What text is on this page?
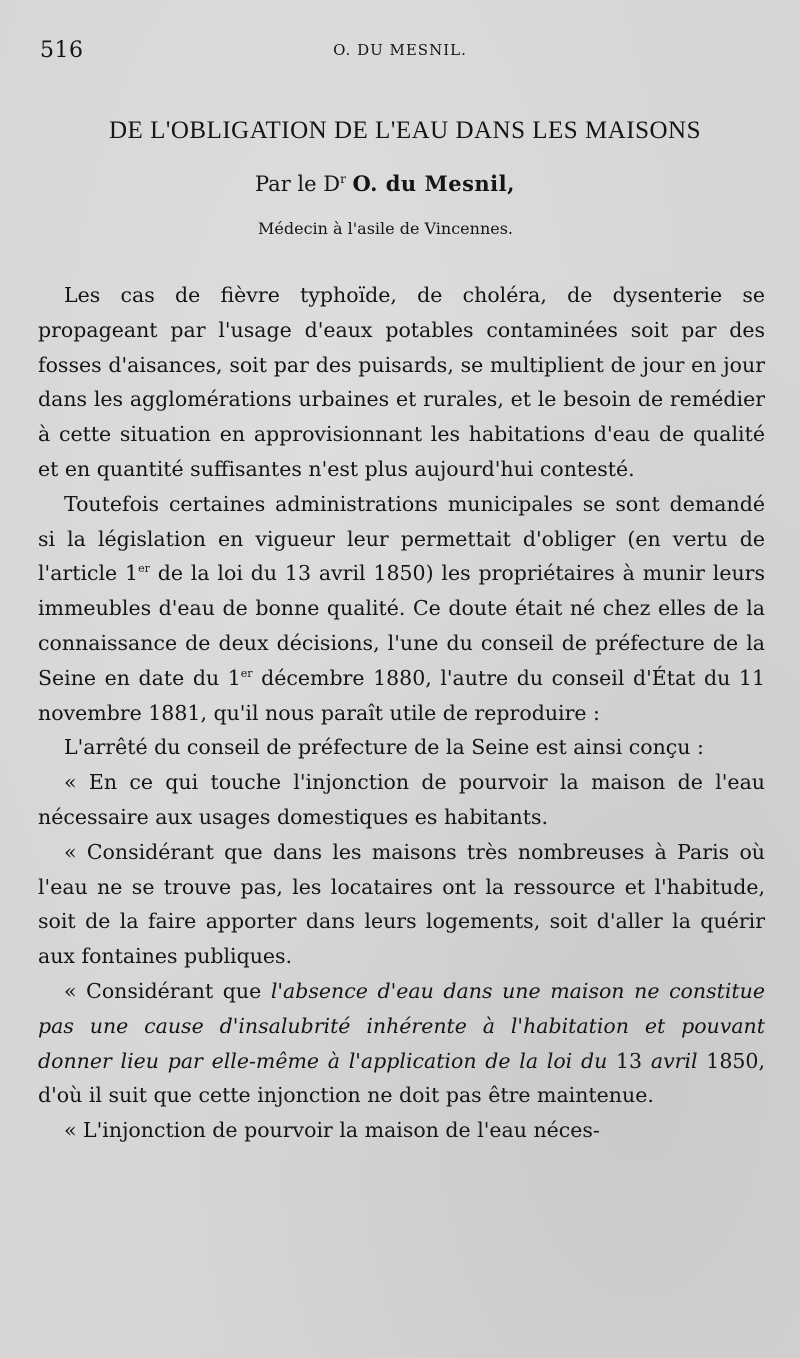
516	O. DU MESNIL.
DE L'OBLIGATION DE L'EAU DANS LES MAISONS
Par le $D^r$ O. du Mesnil,
Médecin à l'asile de Vincennes.

Les cas de fièvre typhoïde, de choléra, de dysenterie se propageant par l'usage d'eaux potables contaminées soit par des fosses d'aisances, soit par des puisards, se multiplient de jour en jour dans les agglomérations urbaines et rurales, et le besoin de remédier à cette situation en approvisionnant les habitations d'eau de qualité et en quantité suffisantes n'est plus aujourd'hui contesté.

Toutefois certaines administrations municipales se sont demandé si la législation en vigueur leur permettait d'obliger (en vertu de l'article 1er de la loi du 13 avril 1850) les propriétaires à munir leurs immeubles d'eau de bonne qualité. Ce doute était né chez elles de la connaissance de deux décisions, l'une du conseil de préfecture de la Seine en date du 1er décembre 1880, l'autre du conseil d'État du 11 novembre 1881, qu'il nous paraît utile de reproduire :

L'arrêté du conseil de préfecture de la Seine est ainsi conçu :

« En ce qui touche l'injonction de pourvoir la maison de l'eau nécessaire aux usages domestiques es habitants.

« Considérant que dans les maisons très nombreuses à Paris où l'eau ne se trouve pas, les locataires ont la ressource et l'habitude, soit de la faire apporter dans leurs logements, soit d'aller la quérir aux fontaines publiques.

« Considérant que l'absence d'eau dans une maison ne constitue pas une cause d'insalubrité inhérente à l'habitation et pouvant donner lieu par elle-même à l'application de la loi du 13 avril 1850, d'où il suit que cette injonction ne doit pas être maintenue.

« L'injonction de pourvoir la maison de l'eau néces-
